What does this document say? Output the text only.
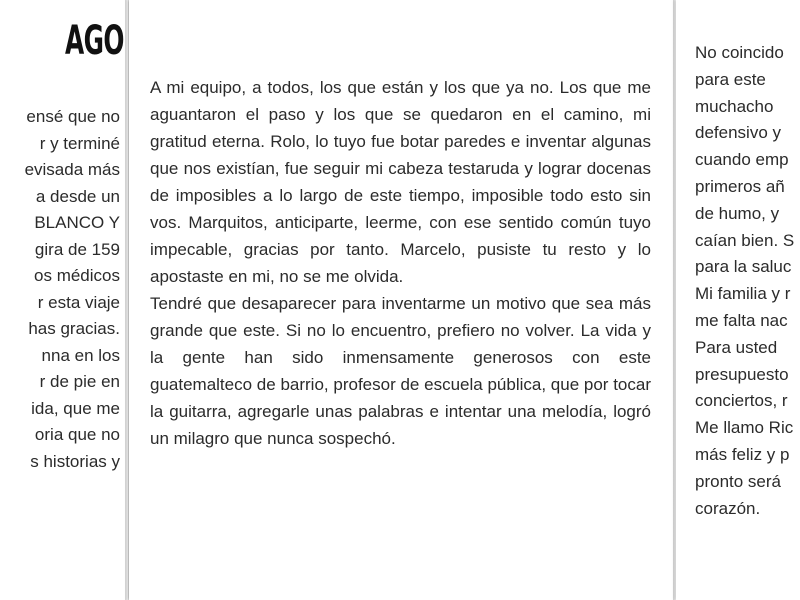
AGO
ensé que no
r y terminé
evisada más
a desde un
BLANCO Y
gira de 159
os médicos
r esta viaje
has gracias.
nna en los
r de pie en
ida, que me
oria que no
s historias y

A mi equipo, a todos, los que están y los que ya no. Los que me aguantaron el paso y los que se quedaron en el camino, mi gratitud eterna. Rolo, lo tuyo fue botar paredes e inventar algunas que nos existían, fue seguir mi cabeza testaruda y lograr docenas de imposibles a lo largo de este tiempo, imposible todo esto sin vos. Marquitos, anticiparte, leerme, con ese sentido común tuyo impecable, gracias por tanto. Marcelo, pusiste tu resto y lo apostaste en mi, no se me olvida.

Tendré que desaparecer para inventarme un motivo que sea más grande que este. Si no lo encuentro, prefiero no volver. La vida y la gente han sido inmensamente generosos con este guatemalteco de barrio, profesor de escuela pública, que por tocar la guitarra, agregarle unas palabras e intentar una melodía, logró un milagro que nunca sospechó.

No coincido
para este
muchacho
defensivo y
cuando emp
primeros añ
de humo, y
caían bien. S
para la saluc
Mi familia y r
me falta nac
Para usted
presupuesto
conciertos, r
Me llamo Ric
más feliz y p
pronto será
corazón.
